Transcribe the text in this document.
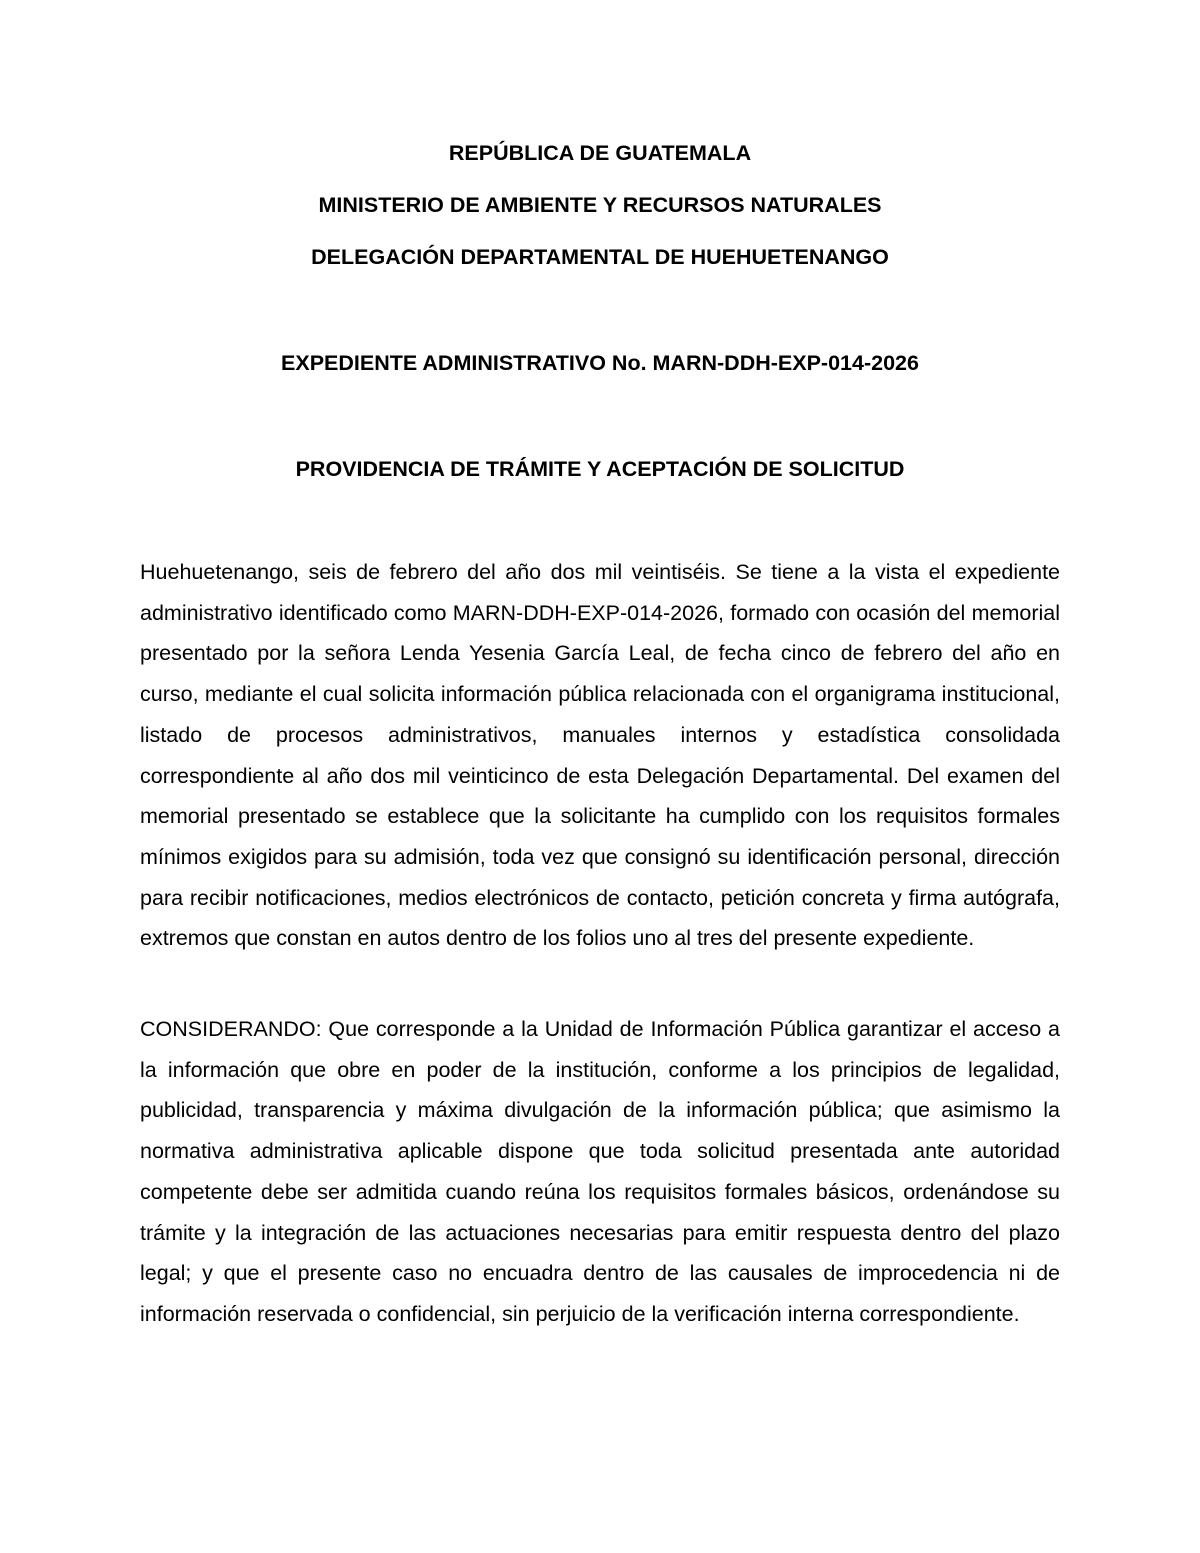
REPÚBLICA DE GUATEMALA
MINISTERIO DE AMBIENTE Y RECURSOS NATURALES
DELEGACIÓN DEPARTAMENTAL DE HUEHUETENANGO
EXPEDIENTE ADMINISTRATIVO No. MARN-DDH-EXP-014-2026
PROVIDENCIA DE TRÁMITE Y ACEPTACIÓN DE SOLICITUD

Huehuetenango, seis de febrero del año dos mil veintiséis. Se tiene a la vista el expediente administrativo identificado como MARN-DDH-EXP-014-2026, formado con ocasión del memorial presentado por la señora Lenda Yesenia García Leal, de fecha cinco de febrero del año en curso, mediante el cual solicita información pública relacionada con el organigrama institucional, listado de procesos administrativos, manuales internos y estadística consolidada correspondiente al año dos mil veinticinco de esta Delegación Departamental. Del examen del memorial presentado se establece que la solicitante ha cumplido con los requisitos formales mínimos exigidos para su admisión, toda vez que consignó su identificación personal, dirección para recibir notificaciones, medios electrónicos de contacto, petición concreta y firma autógrafa, extremos que constan en autos dentro de los folios uno al tres del presente expediente.

CONSIDERANDO: Que corresponde a la Unidad de Información Pública garantizar el acceso a la información que obre en poder de la institución, conforme a los principios de legalidad, publicidad, transparencia y máxima divulgación de la información pública; que asimismo la normativa administrativa aplicable dispone que toda solicitud presentada ante autoridad competente debe ser admitida cuando reúna los requisitos formales básicos, ordenándose su trámite y la integración de las actuaciones necesarias para emitir respuesta dentro del plazo legal; y que el presente caso no encuadra dentro de las causales de improcedencia ni de información reservada o confidencial, sin perjuicio de la verificación interna correspondiente.
